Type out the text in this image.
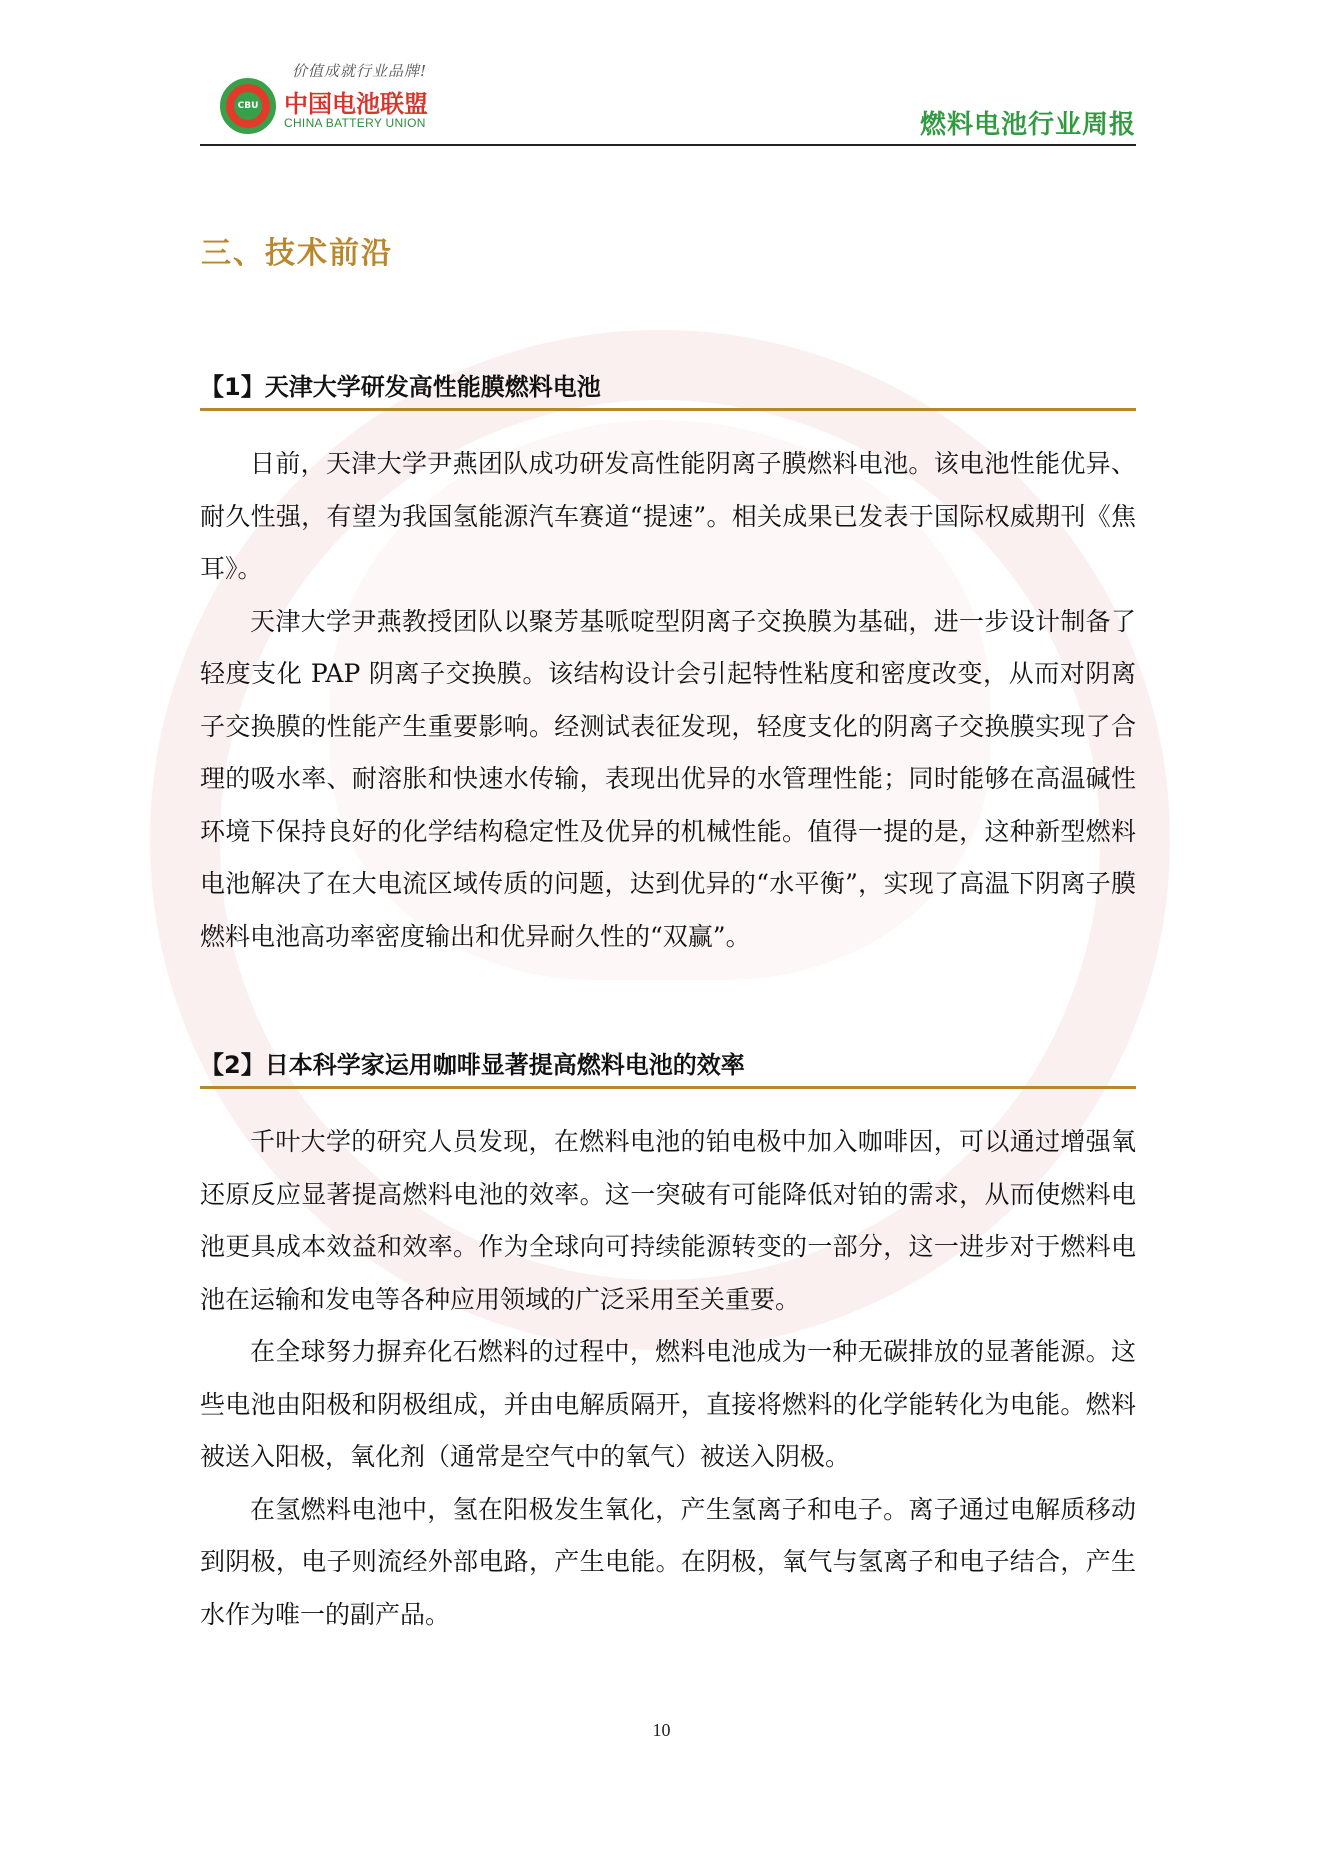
价值成就行业品牌!
CBU 中国电池联盟
CHINA BATTERY UNION	燃料电池行业周报
三、技术前沿
【1】天津大学研发高性能膜燃料电池

日前，天津大学尹燕团队成功研发高性能阴离子膜燃料电池。该电池性能优异、耐久性强，有望为我国氢能源汽车赛道“提速”。相关成果已发表于国际权威期刊《焦耳》。

天津大学尹燕教授团队以聚芳基哌啶型阴离子交换膜为基础，进一步设计制备了轻度支化 PAP 阴离子交换膜。该结构设计会引起特性粘度和密度改变，从而对阴离子交换膜的性能产生重要影响。经测试表征发现，轻度支化的阴离子交换膜实现了合理的吸水率、耐溶胀和快速水传输，表现出优异的水管理性能；同时能够在高温碱性环境下保持良好的化学结构稳定性及优异的机械性能。值得一提的是，这种新型燃料电池解决了在大电流区域传质的问题，达到优异的“水平衡”，实现了高温下阴离子膜燃料电池高功率密度输出和优异耐久性的“双赢”。

【2】日本科学家运用咖啡显著提高燃料电池的效率

千叶大学的研究人员发现，在燃料电池的铂电极中加入咖啡因，可以通过增强氧还原反应显著提高燃料电池的效率。这一突破有可能降低对铂的需求，从而使燃料电池更具成本效益和效率。作为全球向可持续能源转变的一部分，这一进步对于燃料电池在运输和发电等各种应用领域的广泛采用至关重要。

在全球努力摒弃化石燃料的过程中，燃料电池成为一种无碳排放的显著能源。这些电池由阳极和阴极组成，并由电解质隔开，直接将燃料的化学能转化为电能。燃料被送入阳极，氧化剂（通常是空气中的氧气）被送入阴极。

在氢燃料电池中，氢在阳极发生氧化，产生氢离子和电子。离子通过电解质移动到阴极，电子则流经外部电路，产生电能。在阴极，氧气与氢离子和电子结合，产生水作为唯一的副产品。

10
